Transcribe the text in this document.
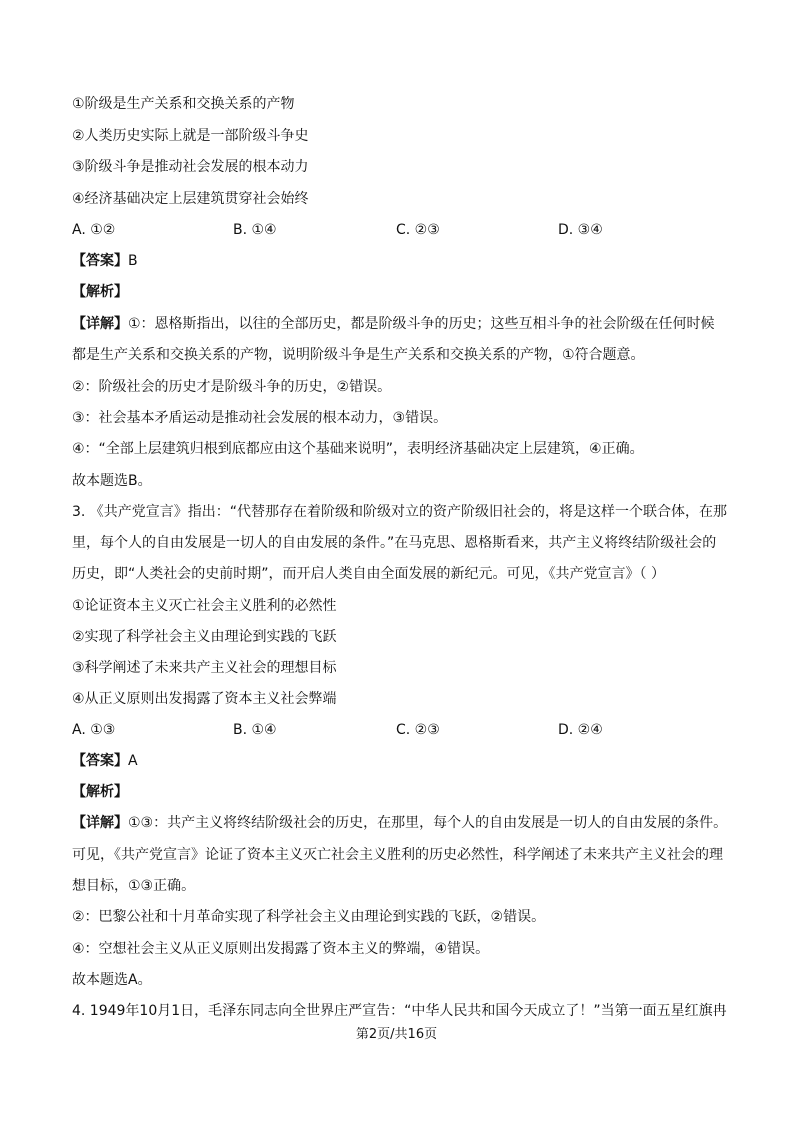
①阶级是生产关系和交换关系的产物
②人类历史实际上就是一部阶级斗争史
③阶级斗争是推动社会发展的根本动力
④经济基础决定上层建筑贯穿社会始终
A. ①②	B. ①④	C. ②③	D. ③④
【答案】B
【解析】
【详解】①：恩格斯指出，以往的全部历史，都是阶级斗争的历史；这些互相斗争的社会阶级在任何时候
都是生产关系和交换关系的产物，说明阶级斗争是生产关系和交换关系的产物，①符合题意。
②：阶级社会的历史才是阶级斗争的历史，②错误。
③：社会基本矛盾运动是推动社会发展的根本动力，③错误。
④：“全部上层建筑归根到底都应由这个基础来说明”，表明经济基础决定上层建筑，④正确。
故本题选B。
3. 《共产党宣言》指出：“代替那存在着阶级和阶级对立的资产阶级旧社会的，将是这样一个联合体，在那
里，每个人的自由发展是一切人的自由发展的条件。”在马克思、恩格斯看来，共产主义将终结阶级社会的
历史，即“人类社会的史前时期”，而开启人类自由全面发展的新纪元。可见，《共产党宣言》（ ）
①论证资本主义灭亡社会主义胜利的必然性
②实现了科学社会主义由理论到实践的飞跃
③科学阐述了未来共产主义社会的理想目标
④从正义原则出发揭露了资本主义社会弊端
A. ①③	B. ①④	C. ②③	D. ②④
【答案】A
【解析】
【详解】①③：共产主义将终结阶级社会的历史，在那里，每个人的自由发展是一切人的自由发展的条件。
可见，《共产党宣言》论证了资本主义灭亡社会主义胜利的历史必然性，科学阐述了未来共产主义社会的理
想目标，①③正确。
②：巴黎公社和十月革命实现了科学社会主义由理论到实践的飞跃，②错误。
④：空想社会主义从正义原则出发揭露了资本主义的弊端，④错误。
故本题选A。
4. 1949年10月1日，毛泽东同志向全世界庄严宣告：“中华人民共和国今天成立了！”当第一面五星红旗冉
第2页/共16页
